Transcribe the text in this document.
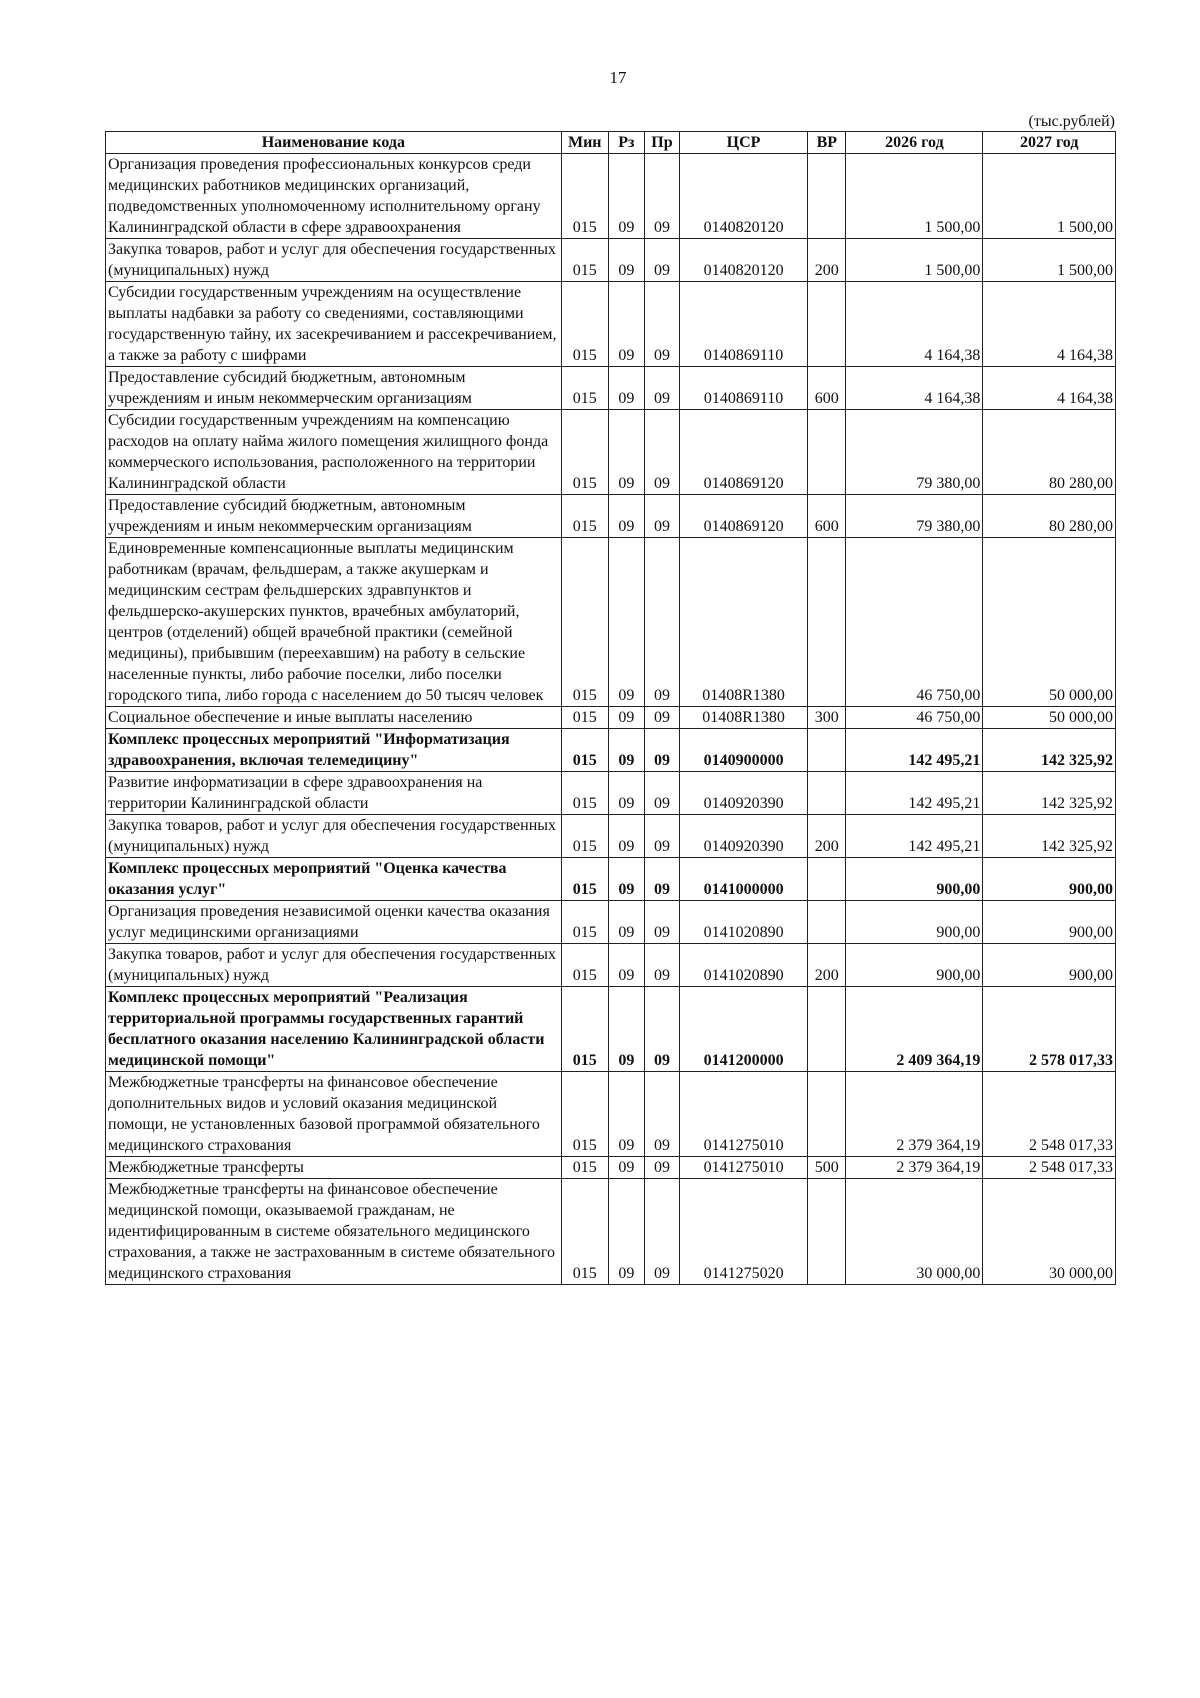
17
(тыс.рублей)
Наименование кода	Мин	Рз	Пр	ЦСР	ВР	2026 год	2027 год
Организация проведения профессиональных конкурсов среди медицинских работников медицинских организаций, подведомственных уполномоченному исполнительному органу Калининградской области в сфере здравоохранения	015	09	09	0140820120		1 500,00	1 500,00
Закупка товаров, работ и услуг для обеспечения государственных (муниципальных) нужд	015	09	09	0140820120	200	1 500,00	1 500,00
Субсидии государственным учреждениям на осуществление выплаты надбавки за работу со сведениями, составляющими государственную тайну, их засекречиванием и рассекречиванием, а также за работу с шифрами	015	09	09	0140869110		4 164,38	4 164,38
Предоставление субсидий бюджетным, автономным учреждениям и иным некоммерческим организациям	015	09	09	0140869110	600	4 164,38	4 164,38
Субсидии государственным учреждениям на компенсацию расходов на оплату найма жилого помещения жилищного фонда коммерческого использования, расположенного на территории Калининградской области	015	09	09	0140869120		79 380,00	80 280,00
Предоставление субсидий бюджетным, автономным учреждениям и иным некоммерческим организациям	015	09	09	0140869120	600	79 380,00	80 280,00
Единовременные компенсационные выплаты медицинским работникам (врачам, фельдшерам, а также акушеркам и медицинским сестрам фельдшерских здравпунктов и фельдшерско-акушерских пунктов, врачебных амбулаторий, центров (отделений) общей врачебной практики (семейной медицины), прибывшим (переехавшим) на работу в сельские населенные пункты, либо рабочие поселки, либо поселки городского типа, либо города с населением до 50 тысяч человек	015	09	09	01408R1380		46 750,00	50 000,00
Социальное обеспечение и иные выплаты населению	015	09	09	01408R1380	300	46 750,00	50 000,00
Комплекс процессных мероприятий "Информатизация здравоохранения, включая телемедицину"	015	09	09	0140900000		142 495,21	142 325,92
Развитие информатизации в сфере здравоохранения на территории Калининградской области	015	09	09	0140920390		142 495,21	142 325,92
Закупка товаров, работ и услуг для обеспечения государственных (муниципальных) нужд	015	09	09	0140920390	200	142 495,21	142 325,92
Комплекс процессных мероприятий "Оценка качества оказания услуг"	015	09	09	0141000000		900,00	900,00
Организация проведения независимой оценки качества оказания услуг медицинскими организациями	015	09	09	0141020890		900,00	900,00
Закупка товаров, работ и услуг для обеспечения государственных (муниципальных) нужд	015	09	09	0141020890	200	900,00	900,00
Комплекс процессных мероприятий "Реализация территориальной программы государственных гарантий бесплатного оказания населению Калининградской области медицинской помощи"	015	09	09	0141200000		2 409 364,19	2 578 017,33
Межбюджетные трансферты на финансовое обеспечение дополнительных видов и условий оказания медицинской помощи, не установленных базовой программой обязательного медицинского страхования	015	09	09	0141275010		2 379 364,19	2 548 017,33
Межбюджетные трансферты	015	09	09	0141275010	500	2 379 364,19	2 548 017,33
Межбюджетные трансферты на финансовое обеспечение медицинской помощи, оказываемой гражданам, не идентифицированным в системе обязательного медицинского страхования, а также не застрахованным в системе обязательного медицинского страхования	015	09	09	0141275020		30 000,00	30 000,00
